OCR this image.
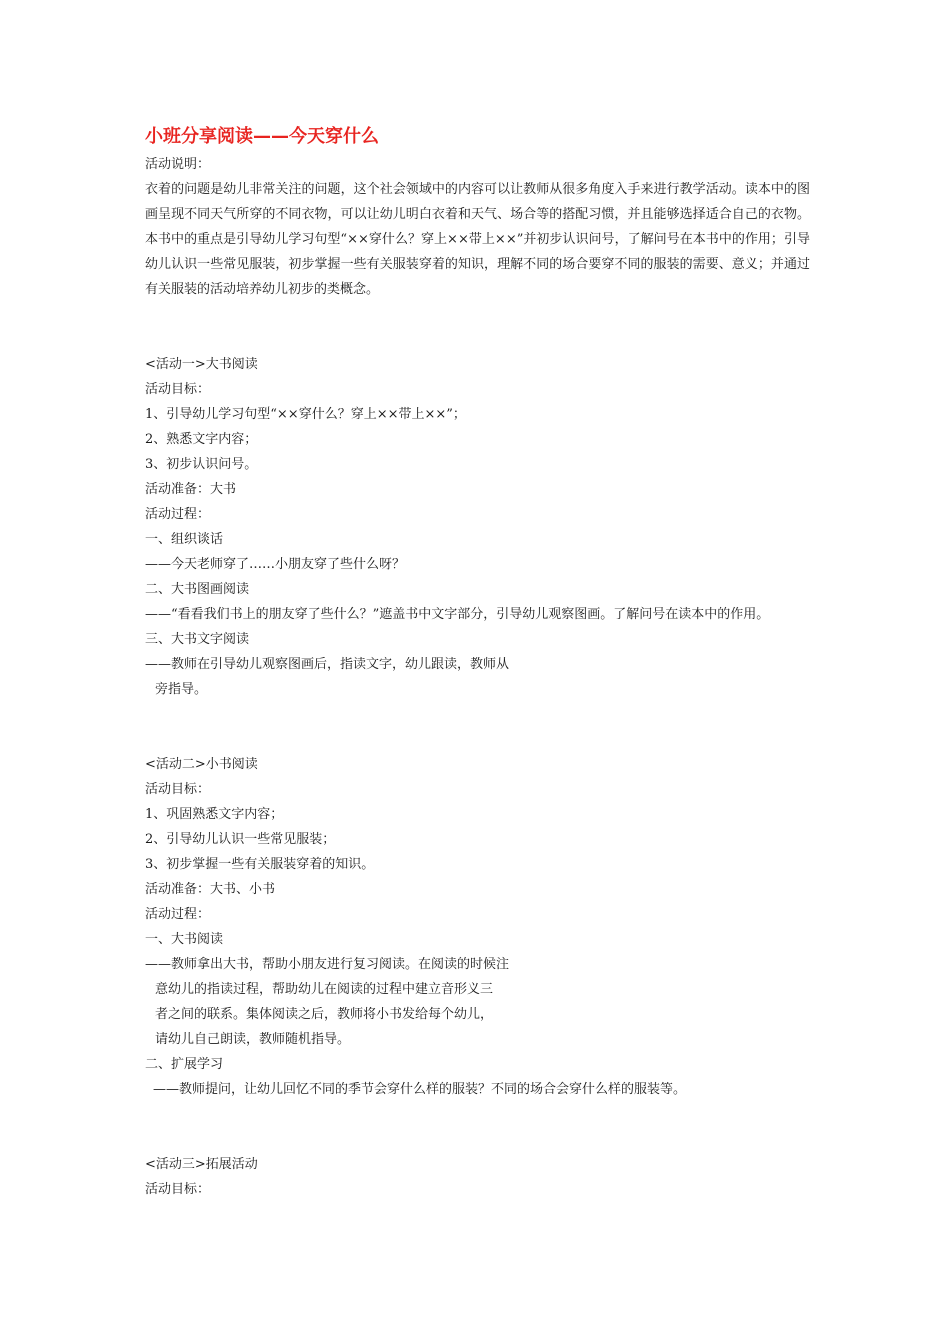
小班分享阅读——今天穿什么
活动说明：
衣着的问题是幼儿非常关注的问题，这个社会领域中的内容可以让教师从很多角度入手来进行教学活动。读本中的图画呈现不同天气所穿的不同衣物，可以让幼儿明白衣着和天气、场合等的搭配习惯，并且能够选择适合自己的衣物。本书中的重点是引导幼儿学习句型“××穿什么？穿上××带上××”并初步认识问号，了解问号在本书中的作用；引导幼儿认识一些常见服装，初步掌握一些有关服装穿着的知识，理解不同的场合要穿不同的服装的需要、意义；并通过有关服装的活动培养幼儿初步的类概念。
<活动一>大书阅读
活动目标：
1、引导幼儿学习句型“××穿什么？穿上××带上××”；
2、熟悉文字内容；
3、初步认识问号。
活动准备：大书
活动过程：
一、组织谈话
——今天老师穿了……小朋友穿了些什么呀？
二、大书图画阅读
——“看看我们书上的朋友穿了些什么？”遮盖书中文字部分，引导幼儿观察图画。了解问号在读本中的作用。
三、大书文字阅读
——教师在引导幼儿观察图画后，指读文字，幼儿跟读，教师从
旁指导。
<活动二>小书阅读
活动目标：
1、巩固熟悉文字内容；
2、引导幼儿认识一些常见服装；
3、初步掌握一些有关服装穿着的知识。
活动准备：大书、小书
活动过程：
一、大书阅读
——教师拿出大书，帮助小朋友进行复习阅读。在阅读的时候注
意幼儿的指读过程，帮助幼儿在阅读的过程中建立音形义三
者之间的联系。集体阅读之后，教师将小书发给每个幼儿，
请幼儿自己朗读，教师随机指导。
二、扩展学习
——教师提问，让幼儿回忆不同的季节会穿什么样的服装？不同的场合会穿什么样的服装等。
<活动三>拓展活动
活动目标：
